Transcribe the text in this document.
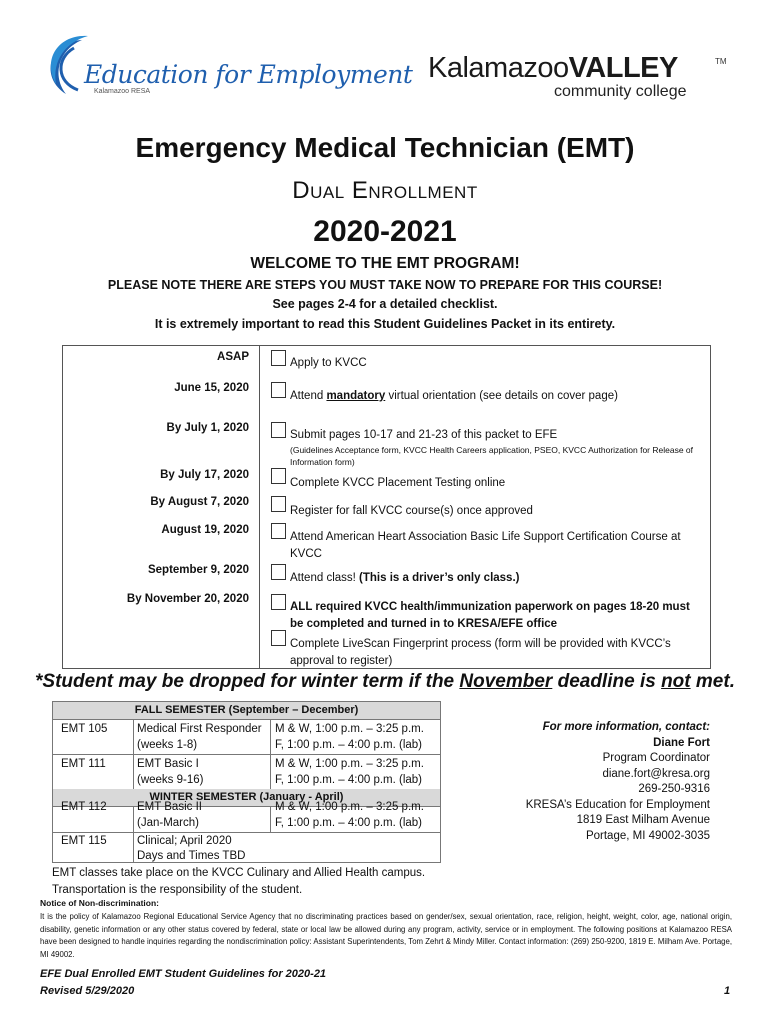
Education for Employment
Kalamazoo RESA
KalamazooVALLEY	TM
community college
Emergency Medical Technician (EMT)
Dual Enrollment
2020-2021
WELCOME TO THE EMT PROGRAM!
PLEASE NOTE THERE ARE STEPS YOU MUST TAKE NOW TO PREPARE FOR THIS COURSE!
See pages 2-4 for a detailed checklist.
It is extremely important to read this Student Guidelines Packet in its entirety.
ASAP	Apply to KVCC
June 15, 2020
Attend mandatory virtual orientation (see details on cover page)
By July 1, 2020
Submit pages 10-17 and 21-23 of this packet to EFE
(Guidelines Acceptance form, KVCC Health Careers application, PSEO, KVCC Authorization for Release of Information form)
By July 17, 2020
Complete KVCC Placement Testing online
By August 7, 2020
Register for fall KVCC course(s) once approved
August 19, 2020
Attend American Heart Association Basic Life Support Certification Course at KVCC
September 9, 2020
Attend class! (This is a driver’s only class.)
By November 20, 2020
ALL required KVCC health/immunization paperwork on pages 18-20 must be completed and turned in to KRESA/EFE office
Complete LiveScan Fingerprint process (form will be provided with KVCC’s approval to register)
*Student may be dropped for winter term if the November deadline is not met.
FALL SEMESTER (September – December)
EMT 105	Medical First Responder
(weeks 1-8)
M & W, 1:00 p.m. – 3:25 p.m.
F, 1:00 p.m. – 4:00 p.m. (lab)
EMT 111	EMT Basic I
(weeks 9-16)
M & W, 1:00 p.m. – 3:25 p.m.
F, 1:00 p.m. – 4:00 p.m. (lab)
WINTER SEMESTER (January - April)
EMT 112	EMT Basic II
(Jan-March)
M & W, 1:00 p.m. – 3:25 p.m.
F, 1:00 p.m. – 4:00 p.m. (lab)
EMT 115	Clinical; April 2020
Days and Times TBD
EMT classes take place on the KVCC Culinary and Allied Health campus.
Transportation is the responsibility of the student.
For more information, contact:
Diane Fort
Program Coordinator
diane.fort@kresa.org
269-250-9316
KRESA’s Education for Employment
1819 East Milham Avenue
Portage, MI 49002-3035
Notice of Non-discrimination:
It is the policy of Kalamazoo Regional Educational Service Agency that no discriminating practices based on gender/sex, sexual orientation, race, religion, height, weight, color, age, national origin, disability, genetic information or any other status covered by federal, state or local law be allowed during any program, activity, service or in employment. The following positions at Kalamazoo RESA have been designed to handle inquiries regarding the nondiscrimination policy: Assistant Superintendents, Tom Zehrt & Mindy Miller. Contact information: (269) 250-9200, 1819 E. Milham Ave. Portage, MI 49002.
EFE Dual Enrolled EMT Student Guidelines for 2020-21
Revised 5/29/2020	1
